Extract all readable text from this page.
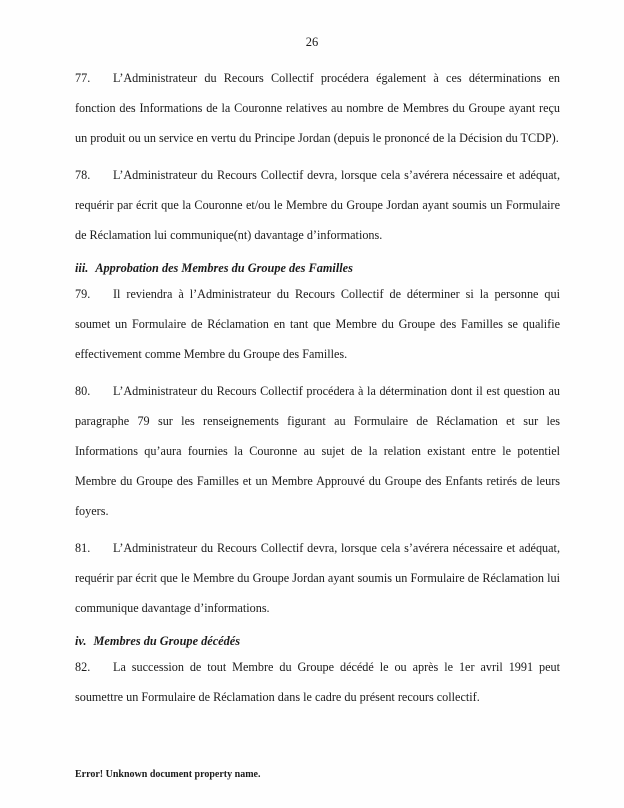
26
77. L’Administrateur du Recours Collectif procédera également à ces déterminations en fonction des Informations de la Couronne relatives au nombre de Membres du Groupe ayant reçu un produit ou un service en vertu du Principe Jordan (depuis le prononcé de la Décision du TCDP).
78. L’Administrateur du Recours Collectif devra, lorsque cela s’avérera nécessaire et adéquat, requérir par écrit que la Couronne et/ou le Membre du Groupe Jordan ayant soumis un Formulaire de Réclamation lui communique(nt) davantage d’informations.
iii. Approbation des Membres du Groupe des Familles
79. Il reviendra à l’Administrateur du Recours Collectif de déterminer si la personne qui soumet un Formulaire de Réclamation en tant que Membre du Groupe des Familles se qualifie effectivement comme Membre du Groupe des Familles.
80. L’Administrateur du Recours Collectif procédera à la détermination dont il est question au paragraphe 79 sur les renseignements figurant au Formulaire de Réclamation et sur les Informations qu’aura fournies la Couronne au sujet de la relation existant entre le potentiel Membre du Groupe des Familles et un Membre Approuvé du Groupe des Enfants retirés de leurs foyers.
81. L’Administrateur du Recours Collectif devra, lorsque cela s’avérera nécessaire et adéquat, requérir par écrit que le Membre du Groupe Jordan ayant soumis un Formulaire de Réclamation lui communique davantage d’informations.
iv. Membres du Groupe décédés
82. La succession de tout Membre du Groupe décédé le ou après le 1er avril 1991 peut soumettre un Formulaire de Réclamation dans le cadre du présent recours collectif.
Error! Unknown document property name.
